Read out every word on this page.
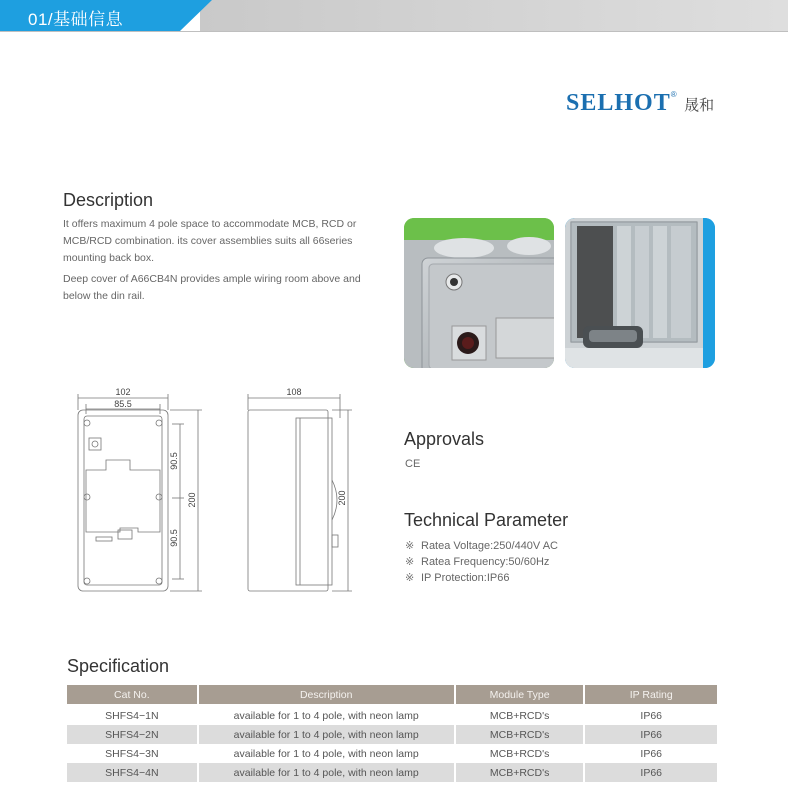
01/基础信息
SELHOT® 晟和
Description

It offers maximum 4 pole space to accommodate MCB, RCD or MCB/RCD combination. its cover assemblies suits all 66series mounting back box.

Deep cover of A66CB4N provides ample wiring room above and below the din rail.

102
85.5
108
90.5
90.5
200	200
Approvals
CE
Technical Parameter
※ Ratea Voltage:250/440V AC
※ Ratea Frequency:50/60Hz
※ IP Protection:IP66
Specification
Cat No.	Description	Module Type	IP Rating
SHFS4−1N	available for 1 to 4 pole, with neon lamp	MCB+RCD's	IP66
SHFS4−2N	available for 1 to 4 pole, with neon lamp	MCB+RCD's	IP66
SHFS4−3N	available for 1 to 4 pole, with neon lamp	MCB+RCD's	IP66
SHFS4−4N	available for 1 to 4 pole, with neon lamp	MCB+RCD's	IP66
